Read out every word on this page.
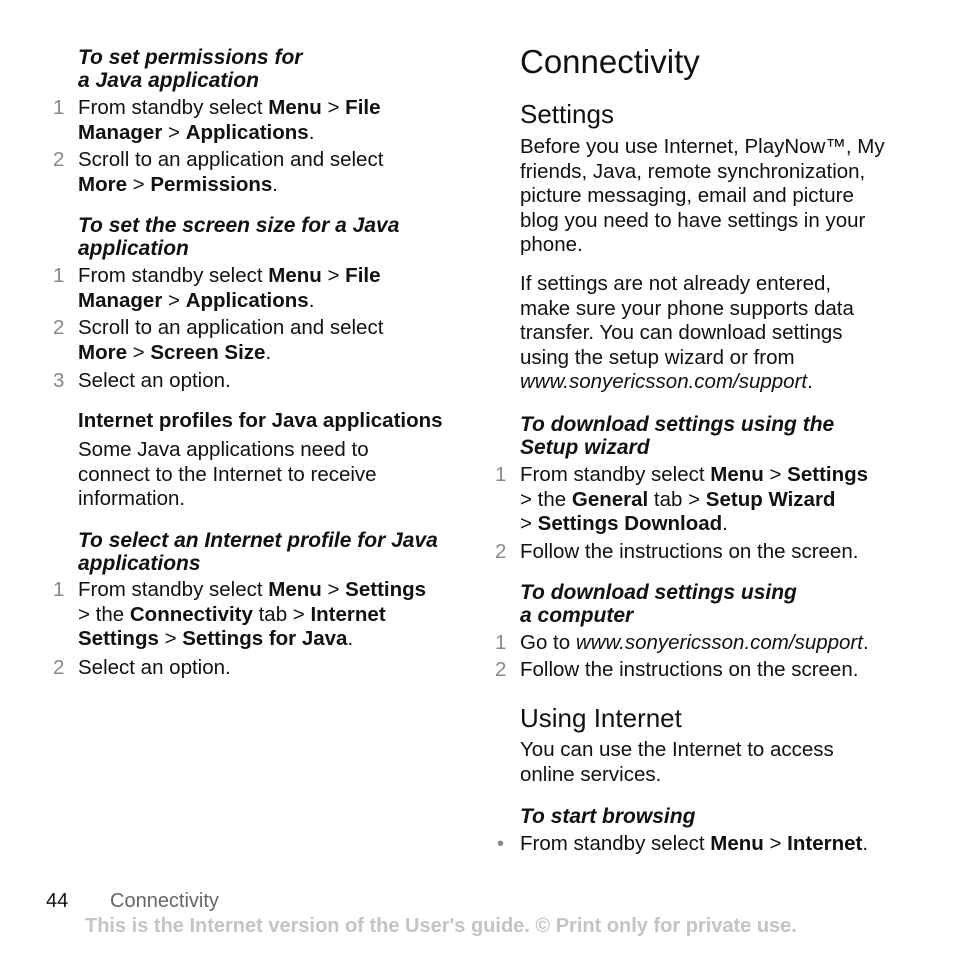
To set permissions for
a Java application
1 From standby select Menu > File
Manager > Applications.
2 Scroll to an application and select
More > Permissions.
To set the screen size for a Java
application
1 From standby select Menu > File
Manager > Applications.
2 Scroll to an application and select
More > Screen Size.
3 Select an option.
Internet profiles for Java applications
Some Java applications need to
connect to the Internet to receive
information.
To select an Internet profile for Java
applications
1 From standby select Menu > Settings
> the Connectivity tab > Internet
Settings > Settings for Java.
2 Select an option.
Connectivity
Settings
Before you use Internet, PlayNow™, My
friends, Java, remote synchronization,
picture messaging, email and picture
blog you need to have settings in your
phone.
If settings are not already entered,
make sure your phone supports data
transfer. You can download settings
using the setup wizard or from
www.sonyericsson.com/support.
To download settings using the
Setup wizard
1 From standby select Menu > Settings
> the General tab > Setup Wizard
> Settings Download.
2 Follow the instructions on the screen.
To download settings using
a computer
1 Go to www.sonyericsson.com/support.
2 Follow the instructions on the screen.
Using Internet
You can use the Internet to access
online services.
To start browsing
• From standby select Menu > Internet.
44 Connectivity
This is the Internet version of the User's guide. © Print only for private use.
